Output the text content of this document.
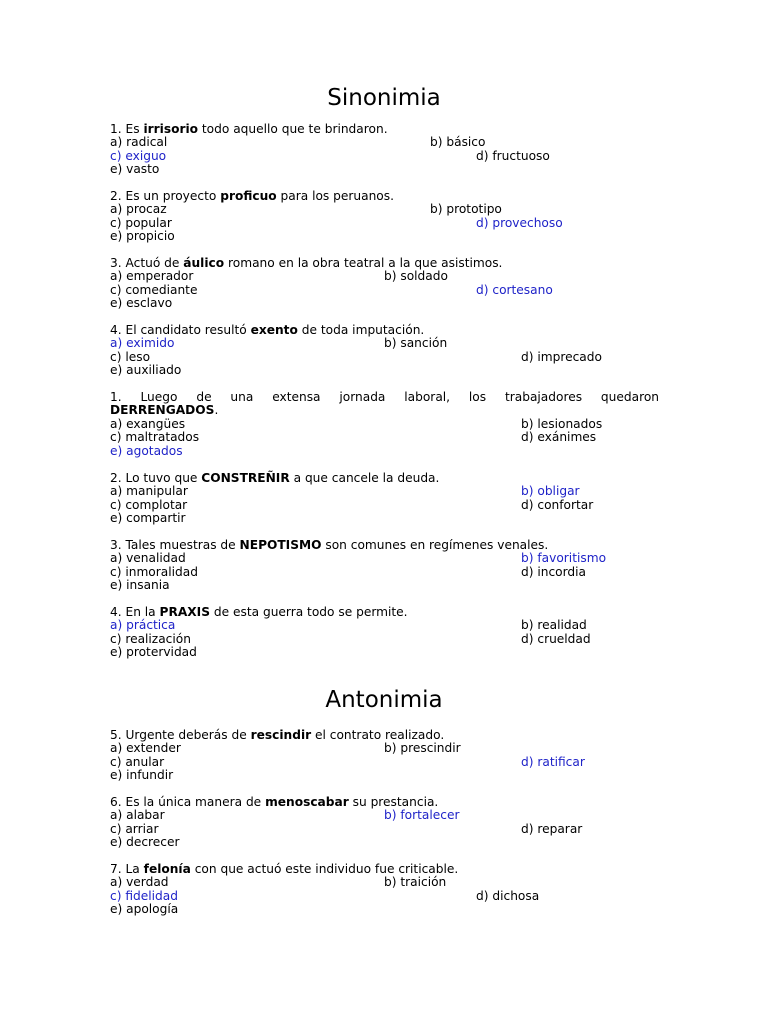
Sinonimia
1. Es irrisorio todo aquello que te brindaron.
a) radical	b) básico
c) exiguo	d) fructuoso
e) vasto
2. Es un proyecto proficuo para los peruanos.
a) procaz	b) prototipo
c) popular	d) provechoso
e) propicio
3. Actuó de áulico romano en la obra teatral a la que asistimos.
a) emperador	b) soldado
c) comediante	d) cortesano
e) esclavo
4. El candidato resultó exento de toda imputación.
a) eximido	b) sanción
c) leso	d) imprecado
e) auxiliado
1. Luego de una extensa jornada laboral, los trabajadores quedaron
DERRENGADOS.
a) exangües	b) lesionados
c) maltratados	d) exánimes
e) agotados
2. Lo tuvo que CONSTREÑIR a que cancele la deuda.
a) manipular	b) obligar
c) complotar	d) confortar
e) compartir
3. Tales muestras de NEPOTISMO son comunes en regímenes venales.
a) venalidad	b) favoritismo
c) inmoralidad	d) incordia
e) insania
4. En la PRAXIS de esta guerra todo se permite.
a) práctica	b) realidad
c) realización	d) crueldad
e) protervidad
Antonimia
5. Urgente deberás de rescindir el contrato realizado.
a) extender	b) prescindir
c) anular	d) ratificar
e) infundir
6. Es la única manera de menoscabar su prestancia.
a) alabar	b) fortalecer
c) arriar	d) reparar
e) decrecer
7. La felonía con que actuó este individuo fue criticable.
a) verdad	b) traición
c) fidelidad	d) dichosa
e) apología
